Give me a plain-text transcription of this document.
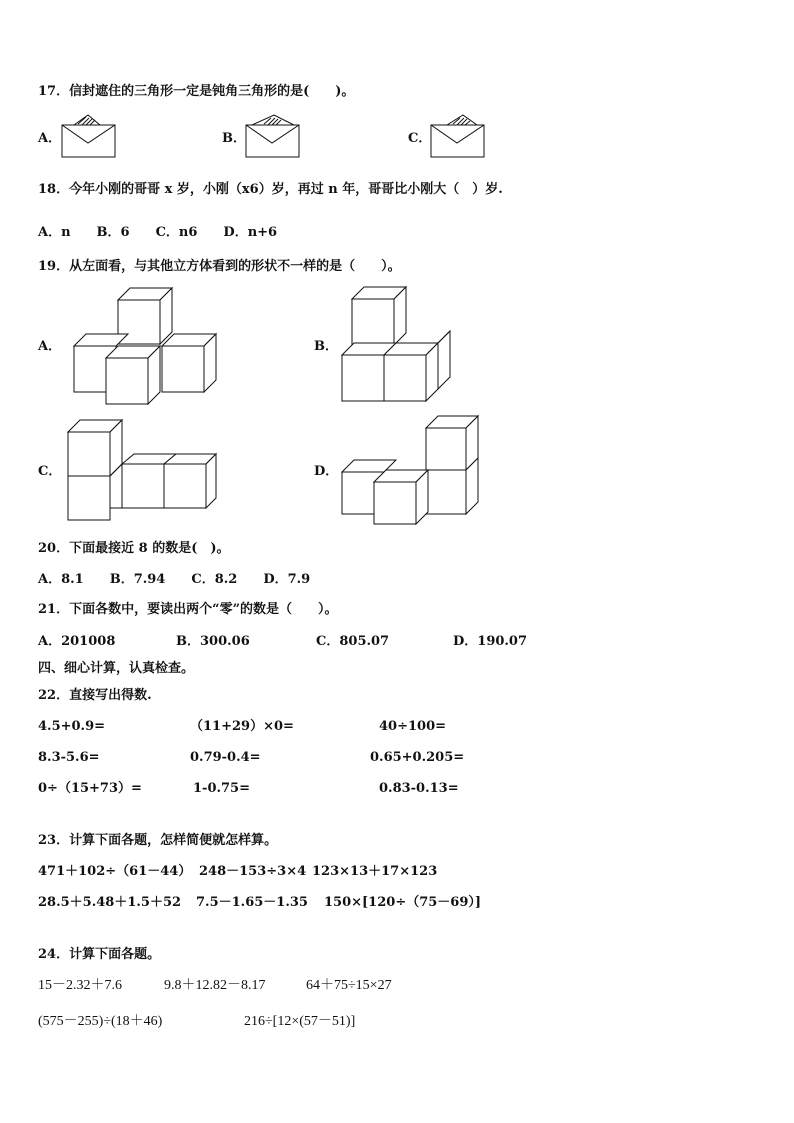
17．信封遮住的三角形一定是钝角三角形的是(　　)。
A．	B．	C．
18．今年小刚的哥哥 x 岁，小刚（x6）岁，再过 n 年，哥哥比小刚大（　）岁.
A．n　　B．6　　C．n6　　D．n+6
19．从左面看，与其他立方体看到的形状不一样的是（　　）。
A．	B．
C．	D．
20．下面最接近 8 的数是(　)。
A．8.1　　B．7.94　　C．8.2　　D．7.9
21．下面各数中，要读出两个“零”的数是（　　）。
A．201008	B．300.06	C．805.07	D．190.07
四、细心计算，认真检查。
22．直接写出得数.
4.5+0.9=	（11+29）×0=	40÷100=
8.3-5.6=	0.79-0.4=	0.65+0.205=
0÷（15+73）=	1-0.75=	0.83-0.13=
23．计算下面各题，怎样简便就怎样算。
471＋102÷（61－44） 248－153÷3×4 123×13＋17×123
28.5＋5.48＋1.5＋52 7.5－1.65－1.35 150×[120÷（75－69）]
24．计算下面各题。
15－2.32＋7.6	9.8＋12.82－8.17	64＋75÷15×27
(575－255)÷(18＋46)	216÷[12×(57－51)]
